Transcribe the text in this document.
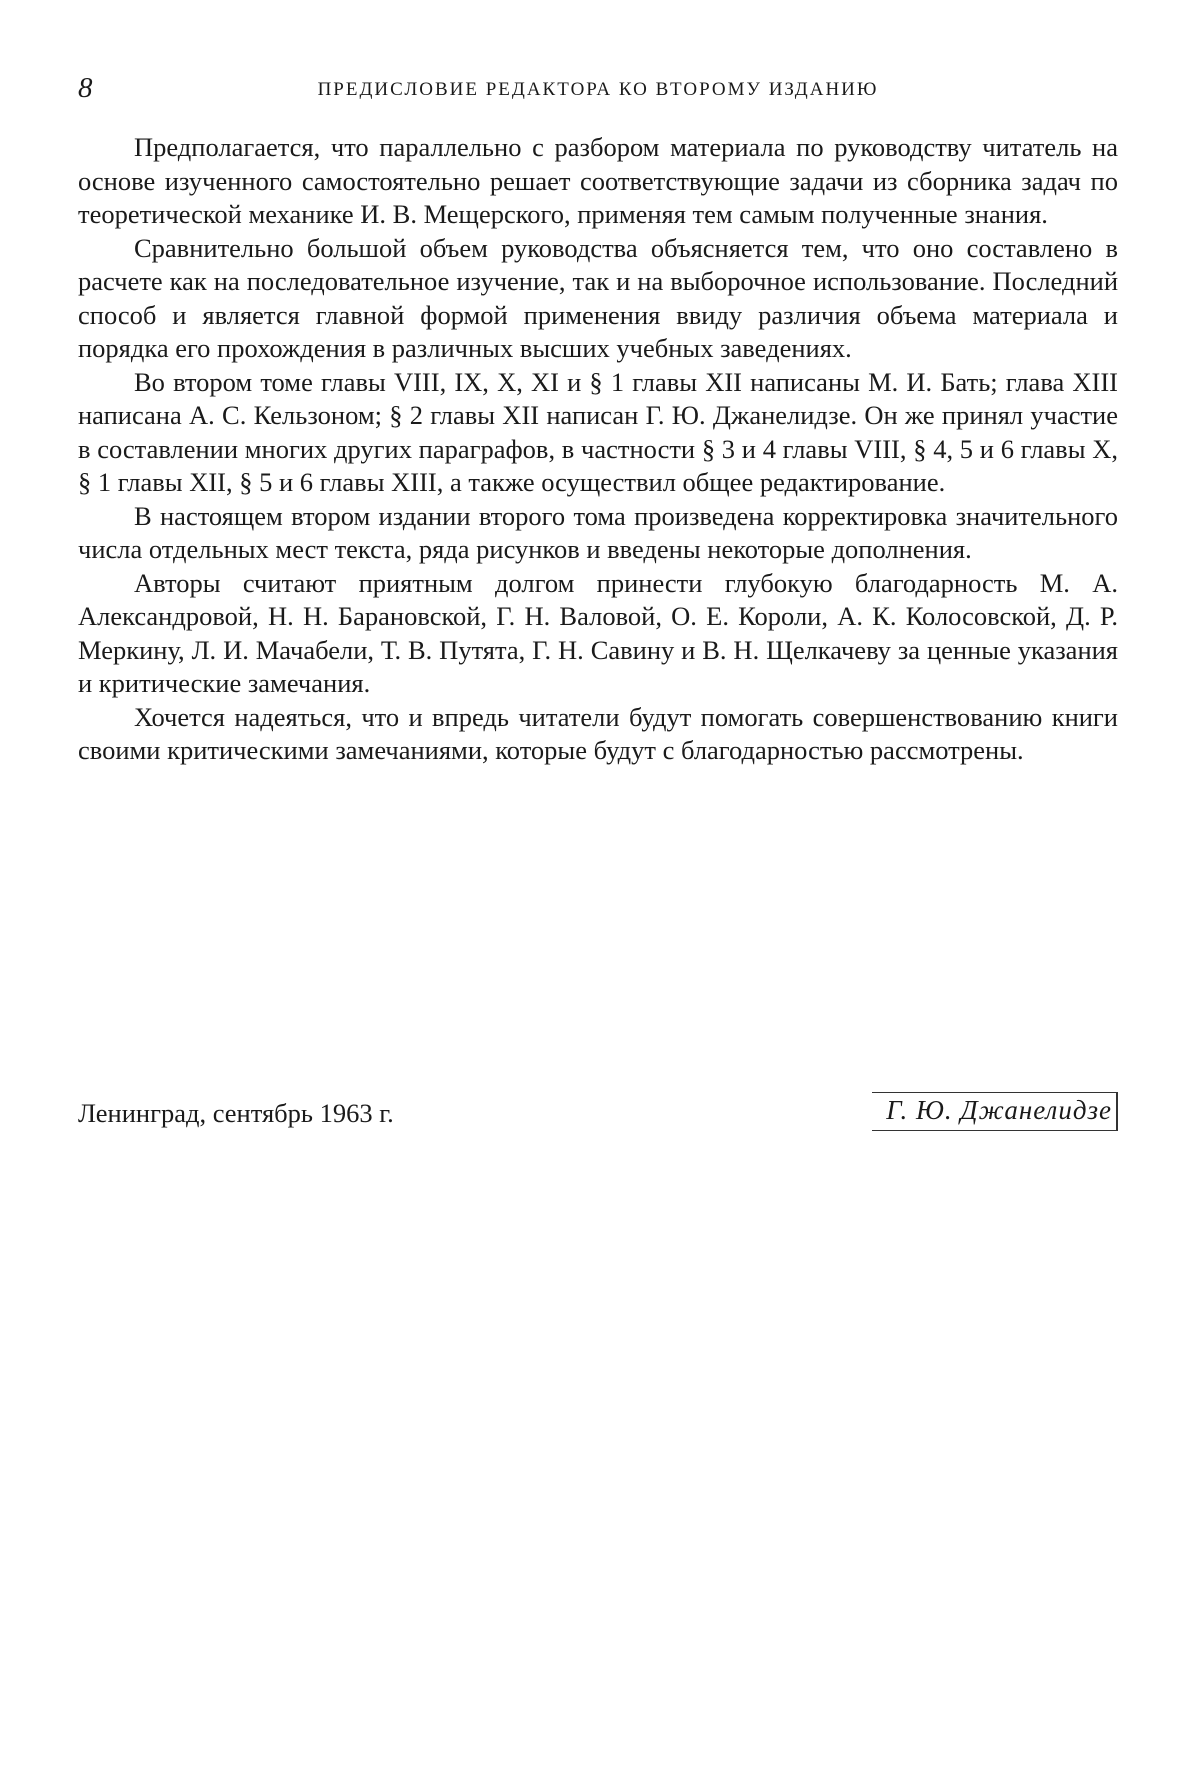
8	ПРЕДИСЛОВИЕ РЕДАКТОРА КО ВТОРОМУ ИЗДАНИЮ

Предполагается, что параллельно с разбором материала по руководству читатель на основе изученного самостоятельно решает соответствующие задачи из сборника задач по теоретической механике И. В. Мещерского, применяя тем самым полученные знания.

Сравнительно большой объем руководства объясняется тем, что оно составлено в расчете как на последовательное изучение, так и на выборочное использование. Последний способ и является главной формой применения ввиду различия объема материала и порядка его прохождения в различных высших учебных заведениях.

Во втором томе главы VIII, IX, X, XI и § 1 главы XII написаны М. И. Бать; глава XIII написана А. С. Кельзоном; § 2 главы XII написан Г. Ю. Джанелидзе. Он же принял участие в составлении многих других параграфов, в частности § 3 и 4 главы VIII, § 4, 5 и 6 главы X, § 1 главы XII, § 5 и 6 главы XIII, а также осуществил общее редактирование.

В настоящем втором издании второго тома произведена корректировка значительного числа отдельных мест текста, ряда рисунков и введены некоторые дополнения.

Авторы считают приятным долгом принести глубокую благодарность М. А. Александровой, Н. Н. Барановской, Г. Н. Валовой, О. Е. Короли, А. К. Колосовской, Д. Р. Меркину, Л. И. Мачабели, Т. В. Путята, Г. Н. Савину и В. Н. Щелкачеву за ценные указания и критические замечания.

Хочется надеяться, что и впредь читатели будут помогать совершенствованию книги своими критическими замечаниями, которые будут с благодарностью рассмотрены.

Ленинград, сентябрь 1963 г.	Г. Ю. Джанелидзе
